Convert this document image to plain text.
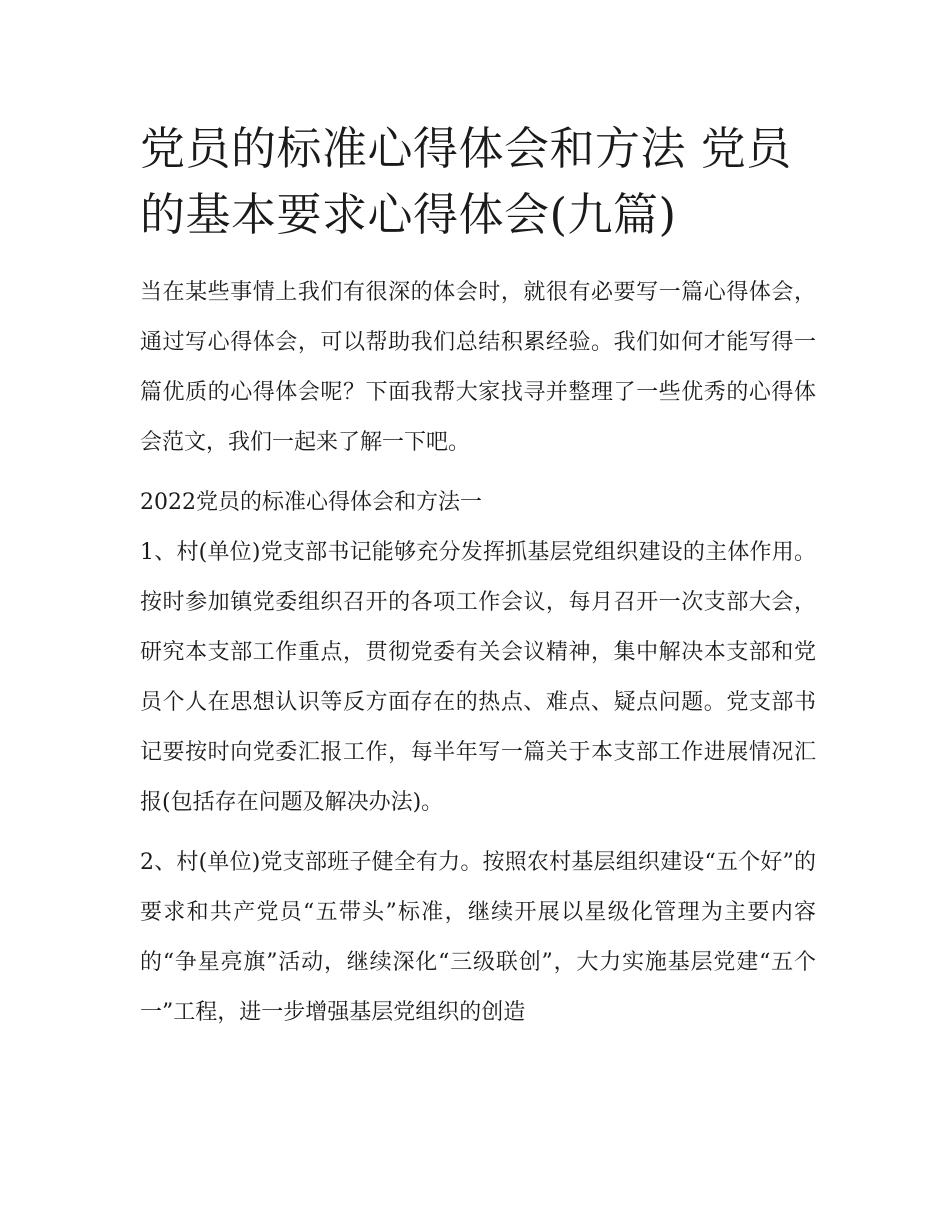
党员的标准心得体会和方法 党员的基本要求心得体会(九篇)

当在某些事情上我们有很深的体会时，就很有必要写一篇心得体会，通过写心得体会，可以帮助我们总结积累经验。我们如何才能写得一篇优质的心得体会呢？下面我帮大家找寻并整理了一些优秀的心得体会范文，我们一起来了解一下吧。

2022党员的标准心得体会和方法一

1、村(单位)党支部书记能够充分发挥抓基层党组织建设的主体作用。按时参加镇党委组织召开的各项工作会议，每月召开一次支部大会，研究本支部工作重点，贯彻党委有关会议精神，集中解决本支部和党员个人在思想认识等反方面存在的热点、难点、疑点问题。党支部书记要按时向党委汇报工作，每半年写一篇关于本支部工作进展情况汇报(包括存在问题及解决办法)。

2、村(单位)党支部班子健全有力。按照农村基层组织建设“五个好”的要求和共产党员“五带头”标准，继续开展以星级化管理为主要内容的“争星亮旗”活动，继续深化“三级联创”，大力实施基层党建“五个一”工程，进一步增强基层党组织的创造
